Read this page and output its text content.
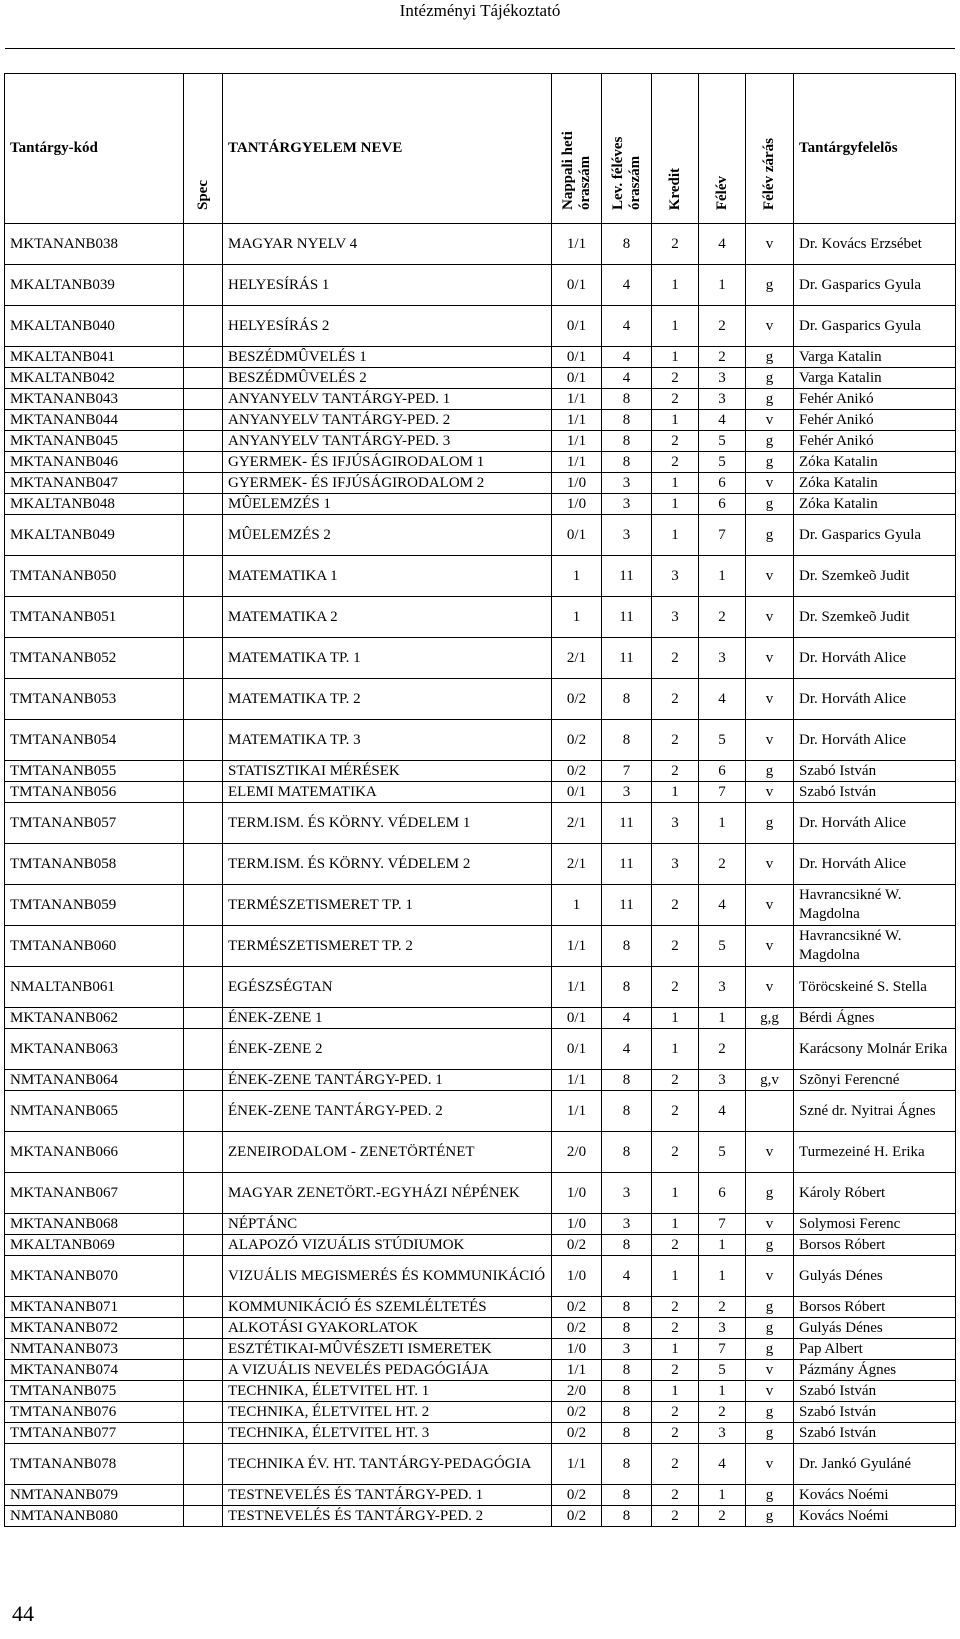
Intézményi Tájékoztató
Tantárgy-kód	Spec	TANTÁRGYELEM NEVE	Nappali heti óraszám	Lev. féléves óraszám	Kredit	Félév	Félév zárás	Tantárgyfelelõs
MKTANANB038		MAGYAR NYELV 4	1/1	8	2	4	v	Dr. Kovács Erzsébet
MKALTANB039		HELYESÍRÁS 1	0/1	4	1	1	g	Dr. Gasparics Gyula
MKALTANB040		HELYESÍRÁS 2	0/1	4	1	2	v	Dr. Gasparics Gyula
MKALTANB041		BESZÉDMÛVELÉS 1	0/1	4	1	2	g	Varga Katalin
MKALTANB042		BESZÉDMÛVELÉS 2	0/1	4	2	3	g	Varga Katalin
MKTANANB043		ANYANYELV TANTÁRGY-PED. 1	1/1	8	2	3	g	Fehér Anikó
MKTANANB044		ANYANYELV TANTÁRGY-PED. 2	1/1	8	1	4	v	Fehér Anikó
MKTANANB045		ANYANYELV TANTÁRGY-PED. 3	1/1	8	2	5	g	Fehér Anikó
MKTANANB046		GYERMEK- ÉS IFJÚSÁGIRODALOM 1	1/1	8	2	5	g	Zóka Katalin
MKTANANB047		GYERMEK- ÉS IFJÚSÁGIRODALOM 2	1/0	3	1	6	v	Zóka Katalin
MKALTANB048		MÛELEMZÉS 1	1/0	3	1	6	g	Zóka Katalin
MKALTANB049		MÛELEMZÉS 2	0/1	3	1	7	g	Dr. Gasparics Gyula
TMTANANB050		MATEMATIKA 1	1	11	3	1	v	Dr. Szemkeõ Judit
TMTANANB051		MATEMATIKA 2	1	11	3	2	v	Dr. Szemkeõ Judit
TMTANANB052		MATEMATIKA TP. 1	2/1	11	2	3	v	Dr. Horváth Alice
TMTANANB053		MATEMATIKA TP. 2	0/2	8	2	4	v	Dr. Horváth Alice
TMTANANB054		MATEMATIKA TP. 3	0/2	8	2	5	v	Dr. Horváth Alice
TMTANANB055		STATISZTIKAI MÉRÉSEK	0/2	7	2	6	g	Szabó István
TMTANANB056		ELEMI MATEMATIKA	0/1	3	1	7	v	Szabó István
TMTANANB057		TERM.ISM. ÉS KÖRNY. VÉDELEM 1	2/1	11	3	1	g	Dr. Horváth Alice
TMTANANB058		TERM.ISM. ÉS KÖRNY. VÉDELEM 2	2/1	11	3	2	v	Dr. Horváth Alice
TMTANANB059		TERMÉSZETISMERET TP. 1	1	11	2	4	v	Havrancsikné W. Magdolna
TMTANANB060		TERMÉSZETISMERET TP. 2	1/1	8	2	5	v	Havrancsikné W. Magdolna
NMALTANB061		EGÉSZSÉGTAN	1/1	8	2	3	v	Töröcskeiné S. Stella
MKTANANB062		ÉNEK-ZENE 1	0/1	4	1	1	g,g	Bérdi Ágnes
MKTANANB063		ÉNEK-ZENE 2	0/1	4	1	2		Karácsony Molnár Erika
NMTANANB064		ÉNEK-ZENE TANTÁRGY-PED. 1	1/1	8	2	3	g,v	Szõnyi Ferencné
NMTANANB065		ÉNEK-ZENE TANTÁRGY-PED. 2	1/1	8	2	4		Szné dr. Nyitrai Ágnes
MKTANANB066		ZENEIRODALOM - ZENETÖRTÉNET	2/0	8	2	5	v	Turmezeiné H. Erika
MKTANANB067		MAGYAR ZENETÖRT.-EGYHÁZI NÉPÉNEK	1/0	3	1	6	g	Károly Róbert
MKTANANB068		NÉPTÁNC	1/0	3	1	7	v	Solymosi Ferenc
MKALTANB069		ALAPOZÓ VIZUÁLIS STÚDIUMOK	0/2	8	2	1	g	Borsos Róbert
MKTANANB070		VIZUÁLIS MEGISMERÉS ÉS KOMMUNIKÁCIÓ	1/0	4	1	1	v	Gulyás Dénes
MKTANANB071		KOMMUNIKÁCIÓ ÉS SZEMLÉLTETÉS	0/2	8	2	2	g	Borsos Róbert
MKTANANB072		ALKOTÁSI GYAKORLATOK	0/2	8	2	3	g	Gulyás Dénes
NMTANANB073		ESZTÉTIKAI-MÛVÉSZETI ISMERETEK	1/0	3	1	7	g	Pap Albert
MKTANANB074		A VIZUÁLIS NEVELÉS PEDAGÓGIÁJA	1/1	8	2	5	v	Pázmány Ágnes
TMTANANB075		TECHNIKA, ÉLETVITEL HT. 1	2/0	8	1	1	v	Szabó István
TMTANANB076		TECHNIKA, ÉLETVITEL HT. 2	0/2	8	2	2	g	Szabó István
TMTANANB077		TECHNIKA, ÉLETVITEL HT. 3	0/2	8	2	3	g	Szabó István
TMTANANB078		TECHNIKA ÉV. HT. TANTÁRGY-PEDAGÓGIA	1/1	8	2	4	v	Dr. Jankó Gyuláné
NMTANANB079		TESTNEVELÉS ÉS TANTÁRGY-PED. 1	0/2	8	2	1	g	Kovács Noémi
NMTANANB080		TESTNEVELÉS ÉS TANTÁRGY-PED. 2	0/2	8	2	2	g	Kovács Noémi
44
